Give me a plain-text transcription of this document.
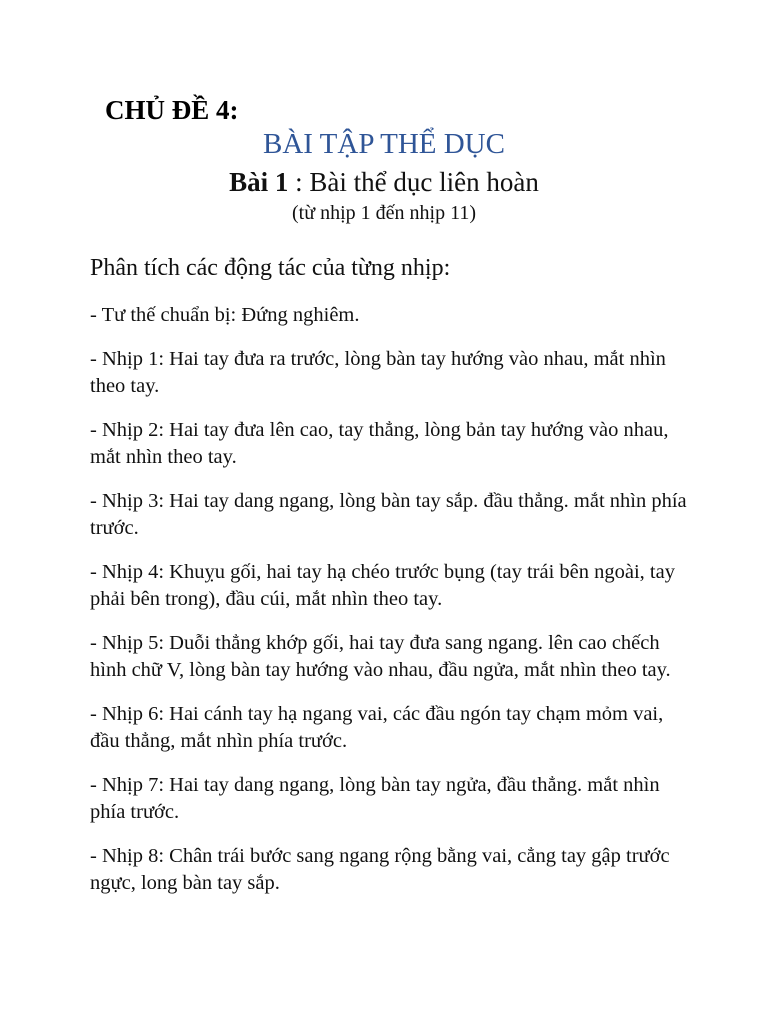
CHỦ ĐỀ 4:
BÀI TẬP THỂ DỤC

Bài 1 : Bài thể dục liên hoàn

(từ nhịp 1 đến nhịp 11)

Phân tích các động tác của từng nhịp:

- Tư thế chuẩn bị: Đứng nghiêm.
- Nhịp 1: Hai tay đưa ra trước, lòng bàn tay hướng vào nhau, mắt nhìn theo tay.
- Nhịp 2: Hai tay đưa lên cao, tay thẳng, lòng bản tay hướng vào nhau, mắt nhìn theo tay.
- Nhịp 3: Hai tay dang ngang, lòng bàn tay sắp. đầu thẳng. mắt nhìn phía trước.
- Nhịp 4: Khuỵu gối, hai tay hạ chéo trước bụng (tay trái bên ngoài, tay phải bên trong), đầu cúi, mắt nhìn theo tay.
- Nhịp 5: Duỗi thẳng khớp gối, hai tay đưa sang ngang. lên cao chếch hình chữ V, lòng bàn tay hướng vào nhau, đầu ngửa, mắt nhìn theo tay.
- Nhịp 6: Hai cánh tay hạ ngang vai, các đầu ngón tay chạm mỏm vai, đầu thẳng, mắt nhìn phía trước.
- Nhịp 7: Hai tay dang ngang, lòng bàn tay ngửa, đầu thẳng. mắt nhìn phía trước.
- Nhịp 8: Chân trái bước sang ngang rộng bằng vai, cẳng tay gập trước ngực, long bàn tay sắp.
